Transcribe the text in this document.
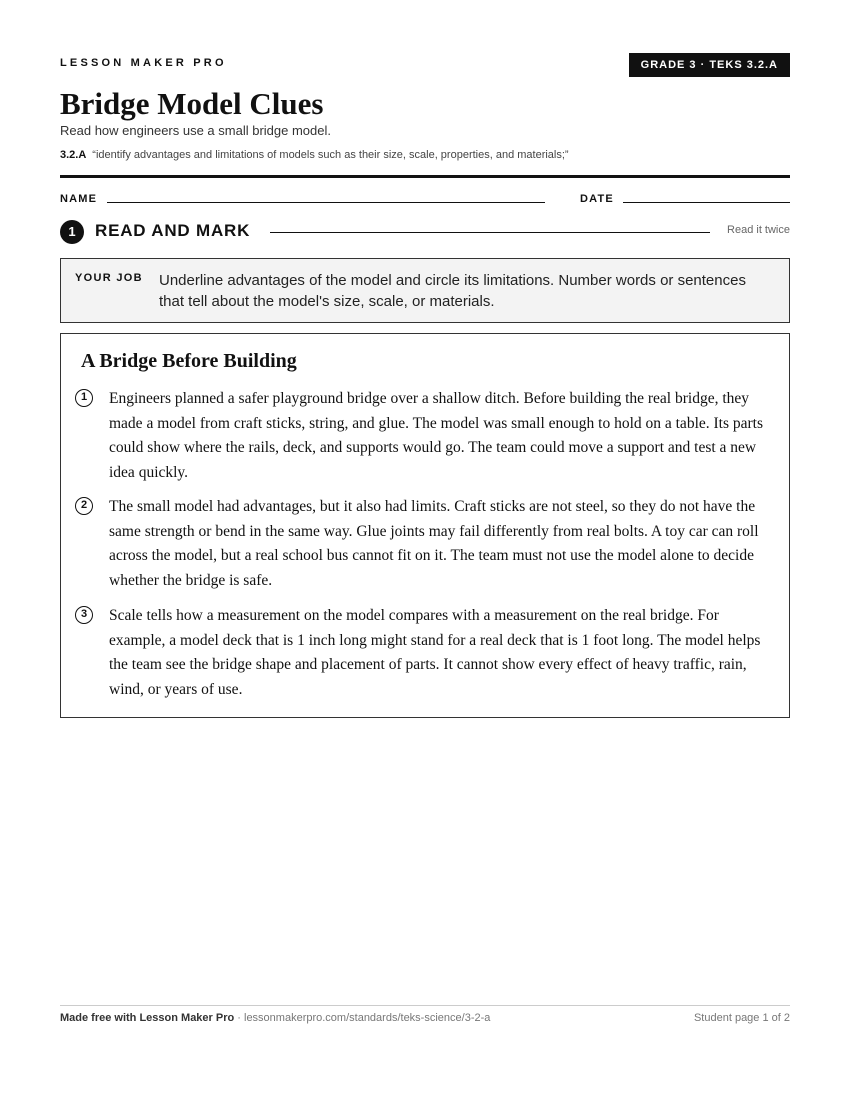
LESSON MAKER PRO	GRADE 3 · TEKS 3.2.A
Bridge Model Clues
Read how engineers use a small bridge model.
3.2.A “identify advantages and limitations of models such as their size, scale, properties, and materials;”
NAME	DATE
1	READ AND MARK	Read it twice
YOUR JOB Underline advantages of the model and circle its limitations. Number words or sentences that tell about the model's size, scale, or materials.

A Bridge Before Building
1	Engineers planned a safer playground bridge over a shallow ditch. Before building the real bridge, they made a model from craft sticks, string, and glue. The model was small enough to hold on a table. Its parts could show where the rails, deck, and supports would go. The team could move a support and test a new idea quickly.

2	The small model had advantages, but it also had limits. Craft sticks are not steel, so they do not have the same strength or bend in the same way. Glue joints may fail differently from real bolts. A toy car can roll across the model, but a real school bus cannot fit on it. The team must not use the model alone to decide whether the bridge is safe.

3	Scale tells how a measurement on the model compares with a measurement on the real bridge. For example, a model deck that is 1 inch long might stand for a real deck that is 1 foot long. The model helps the team see the bridge shape and placement of parts. It cannot show every effect of heavy traffic, rain, wind, or years of use.

Made free with Lesson Maker Pro · lessonmakerpro.com/standards/teks-science/3-2-a	Student page 1 of 2
